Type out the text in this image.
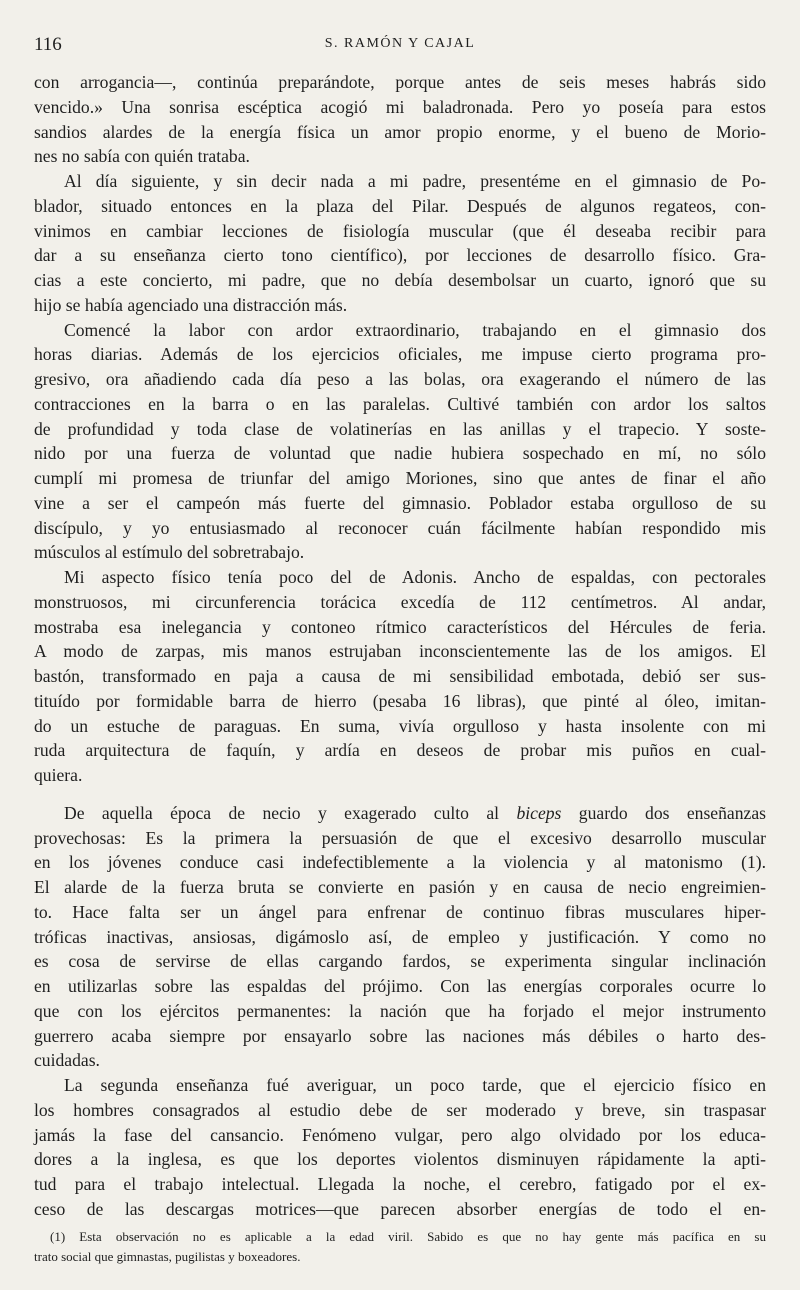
116	S. RAMÓN Y CAJAL

con arrogancia—, continúa preparándote, porque antes de seis meses habrás sido

vencido.» Una sonrisa escéptica acogió mi baladronada. Pero yo poseía para estos

sandios alardes de la energía física un amor propio enorme, y el bueno de Morio-

nes no sabía con quién trataba.

Al día siguiente, y sin decir nada a mi padre, presentéme en el gimnasio de Po-

blador, situado entonces en la plaza del Pilar. Después de algunos regateos, con-

vinimos en cambiar lecciones de fisiología muscular (que él deseaba recibir para

dar a su enseñanza cierto tono científico), por lecciones de desarrollo físico. Gra-

cias a este concierto, mi padre, que no debía desembolsar un cuarto, ignoró que su

hijo se había agenciado una distracción más.

Comencé la labor con ardor extraordinario, trabajando en el gimnasio dos

horas diarias. Además de los ejercicios oficiales, me impuse cierto programa pro-

gresivo, ora añadiendo cada día peso a las bolas, ora exagerando el número de las

contracciones en la barra o en las paralelas. Cultivé también con ardor los saltos

de profundidad y toda clase de volatinerías en las anillas y el trapecio. Y soste-

nido por una fuerza de voluntad que nadie hubiera sospechado en mí, no sólo

cumplí mi promesa de triunfar del amigo Moriones, sino que antes de finar el año

vine a ser el campeón más fuerte del gimnasio. Poblador estaba orgulloso de su

discípulo, y yo entusiasmado al reconocer cuán fácilmente habían respondido mis

músculos al estímulo del sobretrabajo.

Mi aspecto físico tenía poco del de Adonis. Ancho de espaldas, con pectorales

monstruosos, mi circunferencia torácica excedía de 112 centímetros. Al andar,

mostraba esa inelegancia y contoneo rítmico característicos del Hércules de feria.

A modo de zarpas, mis manos estrujaban inconscientemente las de los amigos. El

bastón, transformado en paja a causa de mi sensibilidad embotada, debió ser sus-

tituído por formidable barra de hierro (pesaba 16 libras), que pinté al óleo, imitan-

do un estuche de paraguas. En suma, vivía orgulloso y hasta insolente con mi

ruda arquitectura de faquín, y ardía en deseos de probar mis puños en cual-

quiera.

De aquella época de necio y exagerado culto al biceps guardo dos enseñanzas

provechosas: Es la primera la persuasión de que el excesivo desarrollo muscular

en los jóvenes conduce casi indefectiblemente a la violencia y al matonismo (1).

El alarde de la fuerza bruta se convierte en pasión y en causa de necio engreimien-

to. Hace falta ser un ángel para enfrenar de continuo fibras musculares hiper-

tróficas inactivas, ansiosas, digámoslo así, de empleo y justificación. Y como no

es cosa de servirse de ellas cargando fardos, se experimenta singular inclinación

en utilizarlas sobre las espaldas del prójimo. Con las energías corporales ocurre lo

que con los ejércitos permanentes: la nación que ha forjado el mejor instrumento

guerrero acaba siempre por ensayarlo sobre las naciones más débiles o harto des-

cuidadas.

La segunda enseñanza fué averiguar, un poco tarde, que el ejercicio físico en

los hombres consagrados al estudio debe de ser moderado y breve, sin traspasar

jamás la fase del cansancio. Fenómeno vulgar, pero algo olvidado por los educa-

dores a la inglesa, es que los deportes violentos disminuyen rápidamente la apti-

tud para el trabajo intelectual. Llegada la noche, el cerebro, fatigado por el ex-

ceso de las descargas motrices—que parecen absorber energías de todo el en-

(1) Esta observación no es aplicable a la edad viril. Sabido es que no hay gente más pacífica en su

trato social que gimnastas, pugilistas y boxeadores.
